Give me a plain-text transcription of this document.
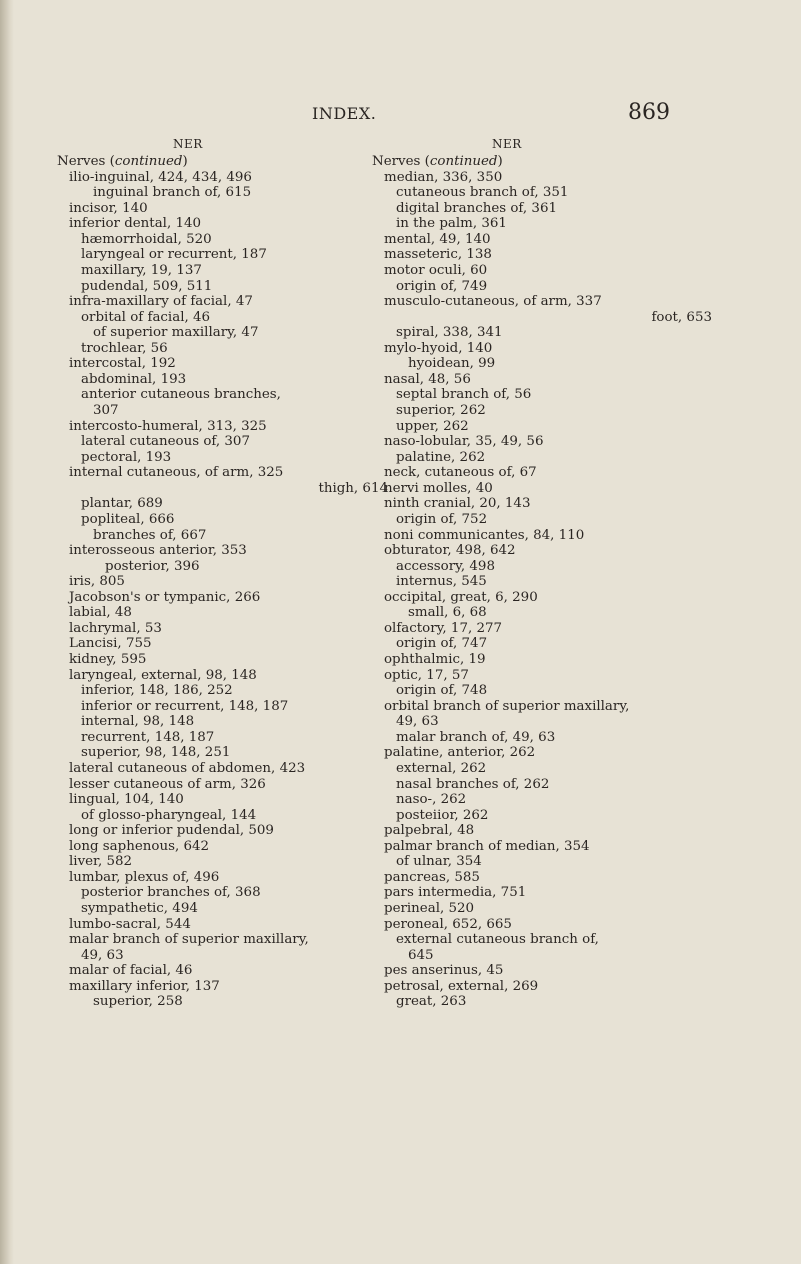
INDEX.	869
NER	NER
Nerves (continued)
ilio-inguinal, 424, 434, 496
inguinal branch of, 615
incisor, 140
inferior dental, 140
hæmorrhoidal, 520
laryngeal or recurrent, 187
maxillary, 19, 137
pudendal, 509, 511
infra-maxillary of facial, 47
orbital of facial, 46
of superior maxillary, 47
trochlear, 56
intercostal, 192
abdominal, 193
anterior cutaneous branches,
307
intercosto-humeral, 313, 325
lateral cutaneous of, 307
pectoral, 193
internal cutaneous, of arm, 325
thigh, 614
plantar, 689
popliteal, 666
branches of, 667
interosseous anterior, 353
posterior, 396
iris, 805
Jacobson's or tympanic, 266
labial, 48
lachrymal, 53
Lancisi, 755
kidney, 595
laryngeal, external, 98, 148
inferior, 148, 186, 252
inferior or recurrent, 148, 187
internal, 98, 148
recurrent, 148, 187
superior, 98, 148, 251
lateral cutaneous of abdomen, 423
lesser cutaneous of arm, 326
lingual, 104, 140
of glosso-pharyngeal, 144
long or inferior pudendal, 509
long saphenous, 642
liver, 582
lumbar, plexus of, 496
posterior branches of, 368
sympathetic, 494
lumbo-sacral, 544
malar branch of superior maxillary,
49, 63
malar of facial, 46
maxillary inferior, 137
superior, 258
Nerves (continued)
median, 336, 350
cutaneous branch of, 351
digital branches of, 361
in the palm, 361
mental, 49, 140
masseteric, 138
motor oculi, 60
origin of, 749
musculo-cutaneous, of arm, 337
foot, 653
spiral, 338, 341
mylo-hyoid, 140
hyoidean, 99
nasal, 48, 56
septal branch of, 56
superior, 262
upper, 262
naso-lobular, 35, 49, 56
palatine, 262
neck, cutaneous of, 67
nervi molles, 40
ninth cranial, 20, 143
origin of, 752
noni communicantes, 84, 110
obturator, 498, 642
accessory, 498
internus, 545
occipital, great, 6, 290
small, 6, 68
olfactory, 17, 277
origin of, 747
ophthalmic, 19
optic, 17, 57
origin of, 748
orbital branch of superior maxillary,
49, 63
malar branch of, 49, 63
palatine, anterior, 262
external, 262
nasal branches of, 262
naso-, 262
posteiior, 262
palpebral, 48
palmar branch of median, 354
of ulnar, 354
pancreas, 585
pars intermedia, 751
perineal, 520
peroneal, 652, 665
external cutaneous branch of,
645
pes anserinus, 45
petrosal, external, 269
great, 263
